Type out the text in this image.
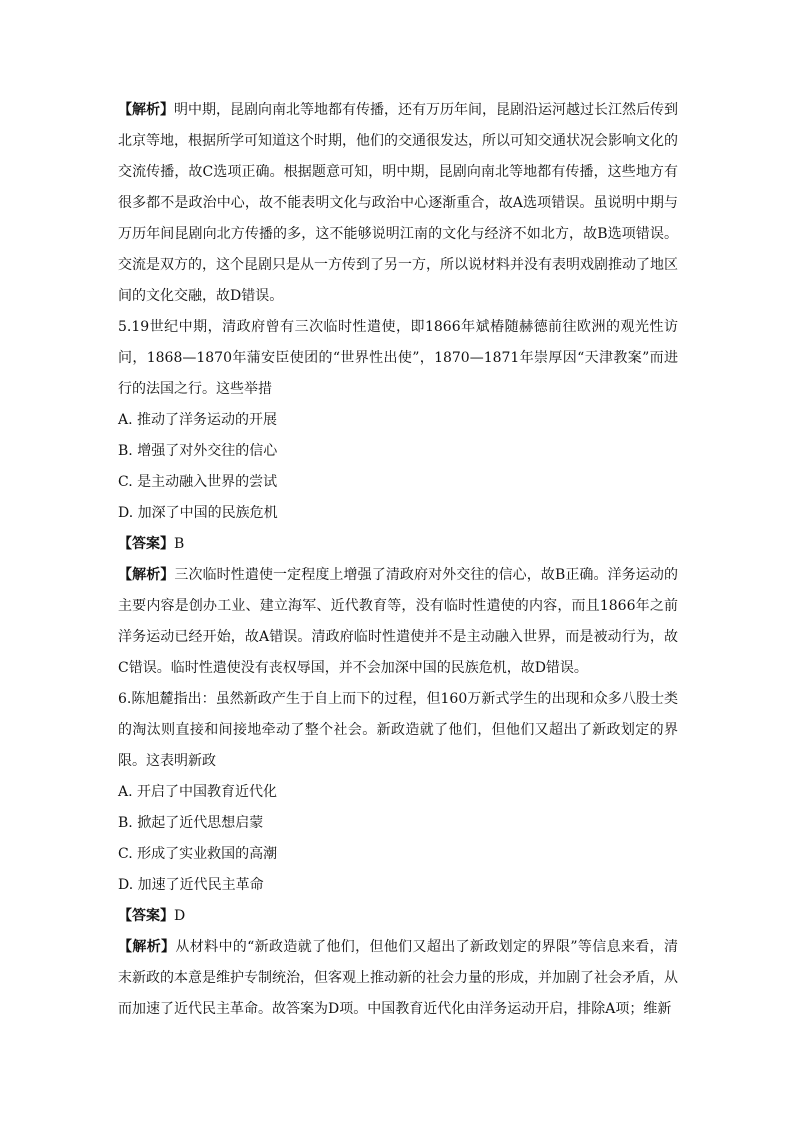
【解析】明中期，昆剧向南北等地都有传播，还有万历年间，昆剧沿运河越过长江然后传到北京等地，根据所学可知道这个时期，他们的交通很发达，所以可知交通状况会影响文化的交流传播，故C选项正确。根据题意可知，明中期，昆剧向南北等地都有传播，这些地方有很多都不是政治中心，故不能表明文化与政治中心逐渐重合，故A选项错误。虽说明中期与万历年间昆剧向北方传播的多，这不能够说明江南的文化与经济不如北方，故B选项错误。交流是双方的，这个昆剧只是从一方传到了另一方，所以说材料并没有表明戏剧推动了地区间的文化交融，故D错误。

5.19世纪中期，清政府曾有三次临时性遣使，即1866年斌椿随赫德前往欧洲的观光性访问，1868—1870年蒲安臣使团的“世界性出使”，1870—1871年崇厚因“天津教案”而进行的法国之行。这些举措

A. 推动了洋务运动的开展

B. 增强了对外交往的信心

C. 是主动融入世界的尝试

D. 加深了中国的民族危机

【答案】B

【解析】三次临时性遣使一定程度上增强了清政府对外交往的信心，故B正确。洋务运动的主要内容是创办工业、建立海军、近代教育等，没有临时性遣使的内容，而且1866年之前洋务运动已经开始，故A错误。清政府临时性遣使并不是主动融入世界，而是被动行为，故C错误。临时性遣使没有丧权辱国，并不会加深中国的民族危机，故D错误。

6.陈旭麓指出：虽然新政产生于自上而下的过程，但160万新式学生的出现和众多八股士类的淘汰则直接和间接地牵动了整个社会。新政造就了他们，但他们又超出了新政划定的界限。这表明新政

A. 开启了中国教育近代化

B. 掀起了近代思想启蒙

C. 形成了实业救国的高潮

D. 加速了近代民主革命

【答案】D

【解析】从材料中的“新政造就了他们，但他们又超出了新政划定的界限”等信息来看，清末新政的本意是维护专制统治，但客观上推动新的社会力量的形成，并加剧了社会矛盾，从而加速了近代民主革命。故答案为D项。中国教育近代化由洋务运动开启，排除A项；维新
